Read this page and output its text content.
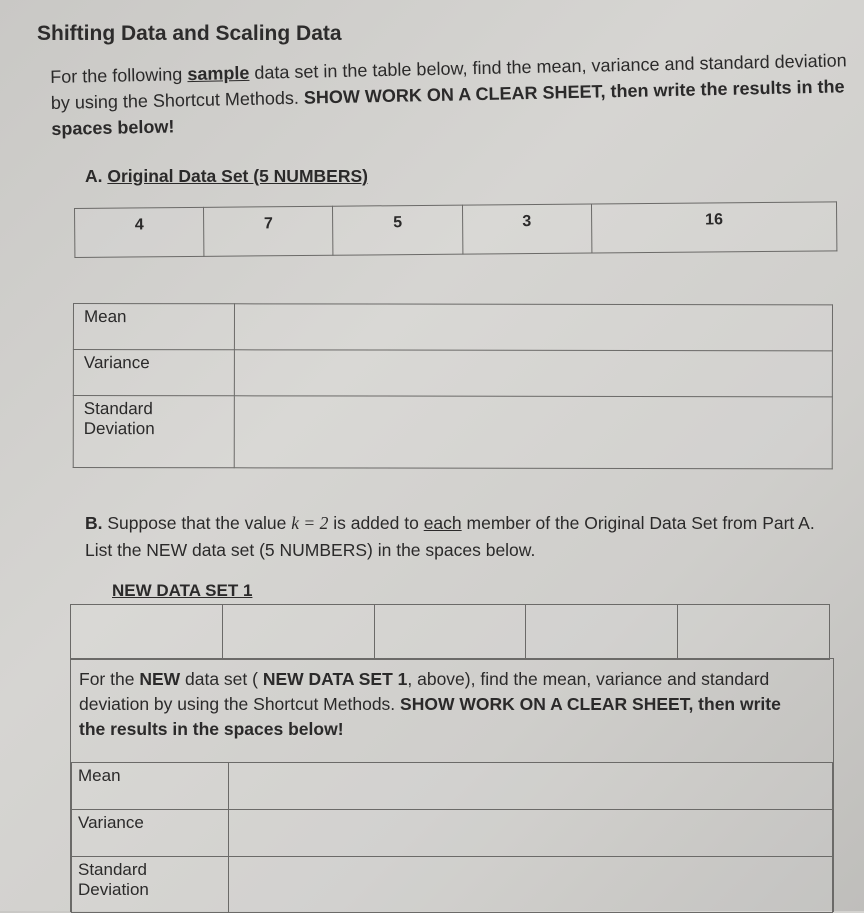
Shifting Data and Scaling Data
For the following sample data set in the table below, find the mean, variance and standard deviation by using the Shortcut Methods. SHOW WORK ON A CLEAR SHEET, then write the results in the spaces below!
A. Original Data Set (5 NUMBERS)
4	7	5	3	16
Mean	
Variance	

Standard
Deviation	

B. Suppose that the value k = 2 is added to each member of the Original Data Set from Part A. List the NEW data set (5 NUMBERS) in the spaces below.
NEW DATA SET 1

For the NEW data set ( NEW DATA SET 1, above), find the mean, variance and standard deviation by using the Shortcut Methods. SHOW WORK ON A CLEAR SHEET, then write the results in the spaces below!
Mean	
Variance	

Standard
Deviation	
